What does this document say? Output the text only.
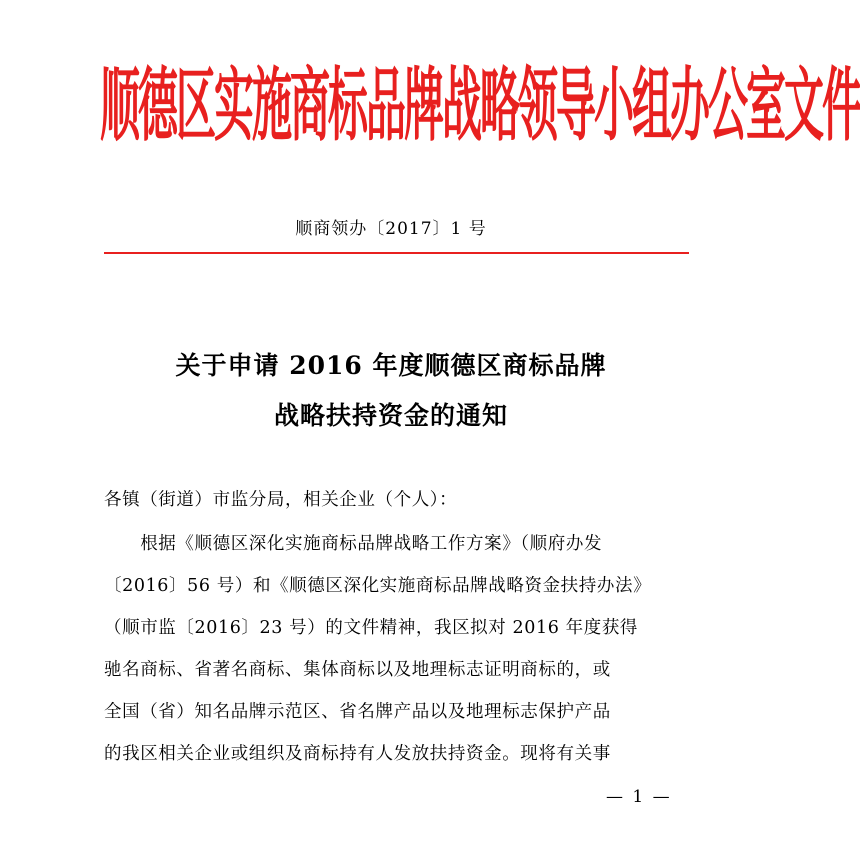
顺德区实施商标品牌战略领导小组办公室文件
顺商领办〔2017〕1 号
关于申请 2016 年度顺德区商标品牌
战略扶持资金的通知
各镇（街道）市监分局，相关企业（个人）：
　　根据《顺德区深化实施商标品牌战略工作方案》（顺府办发
〔2016〕56 号）和《顺德区深化实施商标品牌战略资金扶持办法》
（顺市监〔2016〕23 号）的文件精神，我区拟对 2016 年度获得
驰名商标、省著名商标、集体商标以及地理标志证明商标的，或
全国（省）知名品牌示范区、省名牌产品以及地理标志保护产品
的我区相关企业或组织及商标持有人发放扶持资金。现将有关事
— 1 —
